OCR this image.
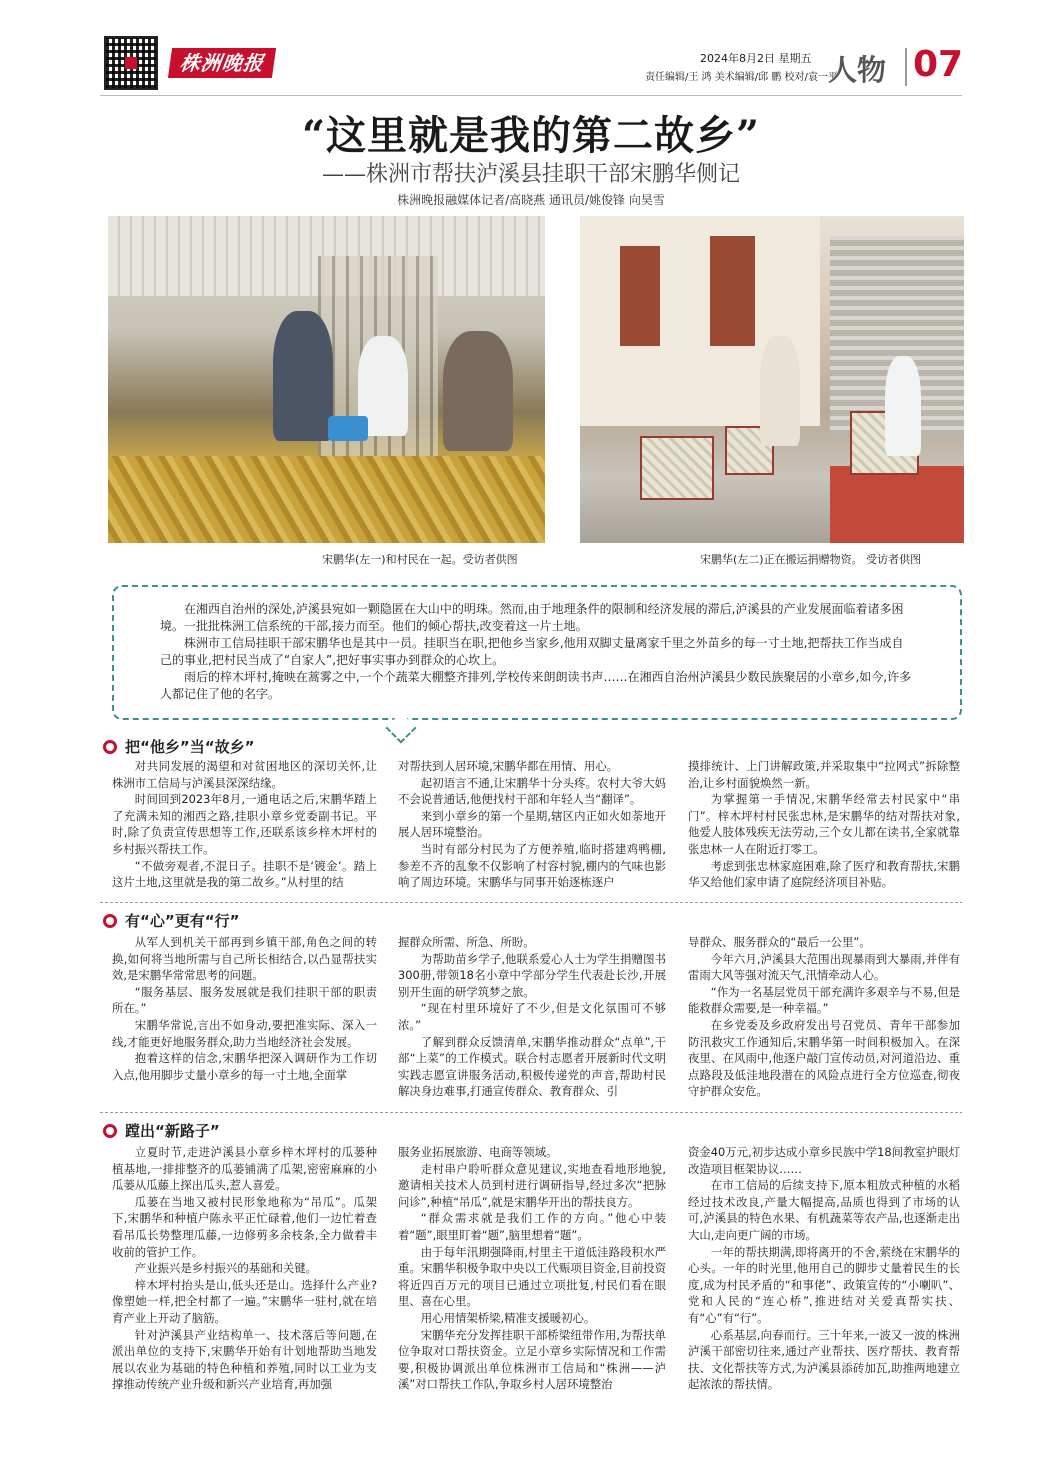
株洲晚报	2024年8月2日 星期五
责任编辑/王 鸿 美术编辑/邱 鹏 校对/袁一平
人物 07
“这里就是我的第二故乡”
——株洲市帮扶泸溪县挂职干部宋鹏华侧记
株洲晚报融媒体记者/高晓燕 通讯员/姚俊锋 向昊雪
宋鹏华(左一)和村民在一起。受访者供图	宋鹏华(左二)正在搬运捐赠物资。 受访者供图

在湘西自治州的深处,泸溪县宛如一颗隐匿在大山中的明珠。然而,由于地理条件的限制和经济发展的滞后,泸溪县的产业发展面临着诸多困境。一批批株洲工信系统的干部,接力而至。他们的倾心帮扶,改变着这一片土地。

株洲市工信局挂职干部宋鹏华也是其中一员。挂职当在职,把他乡当家乡,他用双脚丈量离家千里之外苗乡的每一寸土地,把帮扶工作当成自己的事业,把村民当成了“自家人”,把好事实事办到群众的心坎上。

雨后的梓木坪村,掩映在蒿雾之中,一个个蔬菜大棚整齐排列,学校传来朗朗读书声……在湘西自治州泸溪县少数民族聚居的小章乡,如今,许多人都记住了他的名字。

把“他乡”当“故乡”

对共同发展的渴望和对贫困地区的深切关怀,让株洲市工信局与泸溪县深深结缘。

时间回到2023年8月,一通电话之后,宋鹏华踏上了充满未知的湘西之路,挂职小章乡党委副书记。平时,除了负责宣传思想等工作,还联系该乡梓木坪村的乡村振兴帮扶工作。

“不做旁观者,不混日子。挂职不是‘镀金’。踏上这片土地,这里就是我的第二故乡。”从村里的结

对帮扶到人居环境,宋鹏华都在用情、用心。

起初语言不通,让宋鹏华十分头疼。农村大爷大妈不会说普通话,他便找村干部和年轻人当“翻译”。

来到小章乡的第一个星期,辖区内正如火如荼地开展人居环境整治。

当时有部分村民为了方便养殖,临时搭建鸡鸭棚,参差不齐的乱象不仅影响了村容村貌,棚内的气味也影响了周边环境。宋鹏华与同事开始逐栋逐户

摸排统计、上门讲解政策,并采取集中“拉网式”拆除整治,让乡村面貌焕然一新。

为掌握第一手情况,宋鹏华经常去村民家中“串门”。梓木坪村村民张忠林,是宋鹏华的结对帮扶对象,他爱人肢体残疾无法劳动,三个女儿都在读书,全家就靠张忠林一人在附近打零工。

考虑到张忠林家庭困难,除了医疗和教育帮扶,宋鹏华又给他们家申请了庭院经济项目补贴。

有“心”更有“行”

从军人到机关干部再到乡镇干部,角色之间的转换,如何将当地所需与自己所长相结合,以凸显帮扶实效,是宋鹏华常常思考的问题。

“服务基层、服务发展就是我们挂职干部的职责所在。”

宋鹏华常说,言出不如身动,要把准实际、深入一线,才能更好地服务群众,助力当地经济社会发展。

抱着这样的信念,宋鹏华把深入调研作为工作切入点,他用脚步丈量小章乡的每一寸土地,全面掌

握群众所需、所急、所盼。

为帮助苗乡学子,他联系爱心人士为学生捐赠图书300册,带领18名小章中学部分学生代表赴长沙,开展别开生面的研学筑梦之旅。

“现在村里环境好了不少,但是文化氛围可不够浓。”

了解到群众反馈清单,宋鹏华推动群众“点单”,干部“上菜”的工作模式。联合村志愿者开展新时代文明实践志愿宣讲服务活动,积极传递党的声音,帮助村民解决身边难事,打通宣传群众、教育群众、引

导群众、服务群众的“最后一公里”。

今年六月,泸溪县大范围出现暴雨到大暴雨,并伴有雷雨大风等强对流天气,汛情牵动人心。

“作为一名基层党员干部充满许多艰辛与不易,但是能救群众需要,是一种幸福。”

在乡党委及乡政府发出号召党员、青年干部参加防汛救灾工作通知后,宋鹏华第一时间积极加入。在深夜里、在风雨中,他逐户敲门宣传动员,对河道沿边、重点路段及低洼地段潜在的风险点进行全方位巡查,彻夜守护群众安危。

蹚出“新路子”

立夏时节,走进泸溪县小章乡梓木坪村的瓜蒌种植基地,一排排整齐的瓜蒌铺满了瓜架,密密麻麻的小瓜蒌从瓜藤上探出瓜头,惹人喜爱。

瓜蒌在当地又被村民形象地称为“吊瓜”。瓜架下,宋鹏华和种植户陈永平正忙碌着,他们一边忙着查看吊瓜长势整理瓜藤,一边修剪多余枝条,全力做着丰收前的管护工作。

产业振兴是乡村振兴的基础和关键。

梓木坪村抬头是山,低头还是山。选择什么产业?像塑她一样,把全村都了一遍。”宋鹏华一驻村,就在培育产业上开动了脑筋。

针对泸溪县产业结构单一、技术落后等问题,在派出单位的支持下,宋鹏华开始有计划地帮助当地发展以农业为基础的特色种植和养殖,同时以工业为支撑推动传统产业升级和新兴产业培育,再加强

服务业拓展旅游、电商等领域。

走村串户聆听群众意见建议,实地查看地形地貌,邀请相关技术人员到村进行调研指导,经过多次“把脉问诊”,种植“吊瓜”,就是宋鹏华开出的帮扶良方。

“群众需求就是我们工作的方向。”他心中装着“题”,眼里盯着“题”,脑里想着“题”。

由于每年汛期强降雨,村里主干道低洼路段积水严重。宋鹏华积极争取中央以工代赈项目资金,目前投资将近四百万元的项目已通过立项批复,村民们看在眼里、喜在心里。

用心用情架桥梁,精准支援暖初心。

宋鹏华充分发挥挂职干部桥梁纽带作用,为帮扶单位争取对口帮扶资金。立足小章乡实际情况和工作需要,积极协调派出单位株洲市工信局和“株洲——泸溪”对口帮扶工作队,争取乡村人居环境整治

资金40万元,初步达成小章乡民族中学18间教室护眼灯改造项目框架协议……

在市工信局的后续支持下,原本粗放式种植的水稻经过技术改良,产量大幅提高,品质也得到了市场的认可,泸溪县的特色水果、有机蔬菜等农产品,也逐渐走出大山,走向更广阔的市场。

一年的帮扶期满,即将离开的不舍,萦绕在宋鹏华的心头。一年的时光里,他用自己的脚步丈量着民生的长度,成为村民矛盾的“和事佬”、政策宣传的“小喇叭”、党和人民的“连心桥”,推进结对关爱真帮实扶、有“心”有“行”。

心系基层,向春而行。三十年来,一波又一波的株洲泸溪干部密切往来,通过产业帮扶、医疗帮扶、教育帮扶、文化帮扶等方式,为泸溪县添砖加瓦,助推两地建立起浓浓的帮扶情。
